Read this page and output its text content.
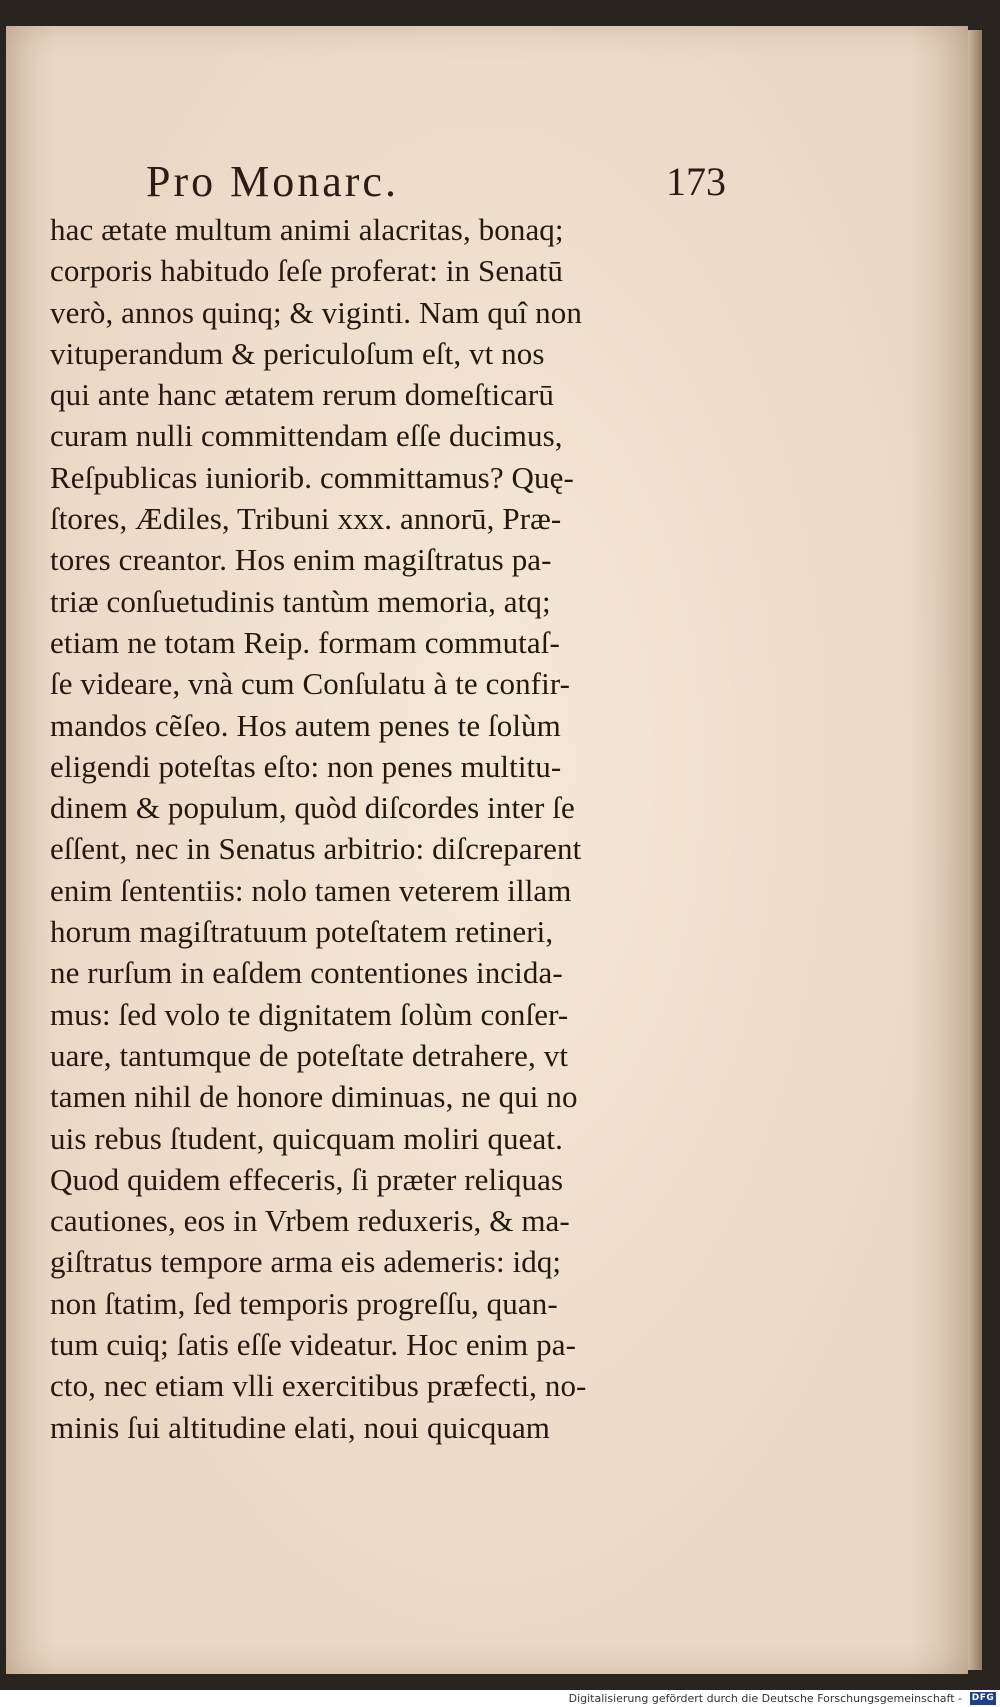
Pro Monarc.	173
hac ætate multum animi alacritas, bonaq;
corporis habitudo ſeſe proferat: in Senatū
verò, annos quinq; & viginti. Nam quî non
vituperandum & periculoſum eſt, vt nos
qui ante hanc ætatem rerum domeſticarū
curam nulli committendam eſſe ducimus,
Reſpublicas iuniorib. committamus? Quę-
ſtores, Ædiles, Tribuni xxx. annorū, Præ-
tores creantor. Hos enim magiſtratus pa-
triæ conſuetudinis tantùm memoria, atq;
etiam ne totam Reip. formam commutaſ-
ſe videare, vnà cum Conſulatu à te confir-
mandos cẽſeo. Hos autem penes te ſolùm
eligendi poteſtas eſto: non penes multitu-
dinem & populum, quòd diſcordes inter ſe
eſſent, nec in Senatus arbitrio: diſcreparent
enim ſententiis: nolo tamen veterem illam
horum magiſtratuum poteſtatem retineri,
ne rurſum in eaſdem contentiones incida-
mus: ſed volo te dignitatem ſolùm conſer-
uare, tantumque de poteſtate detrahere, vt
tamen nihil de honore diminuas, ne qui no
uis rebus ſtudent, quicquam moliri queat.
Quod quidem effeceris, ſi præter reliquas
cautiones, eos in Vrbem reduxeris, & ma-
giſtratus tempore arma eis ademeris: idq;
non ſtatim, ſed temporis progreſſu, quan-
tum cuiq; ſatis eſſe videatur. Hoc enim pa-
cto, nec etiam vlli exercitibus præfecti, no-
minis ſui altitudine elati, noui quicquam
Digitalisierung gefördert durch die Deutsche Forschungsgemeinschaft - DFG
